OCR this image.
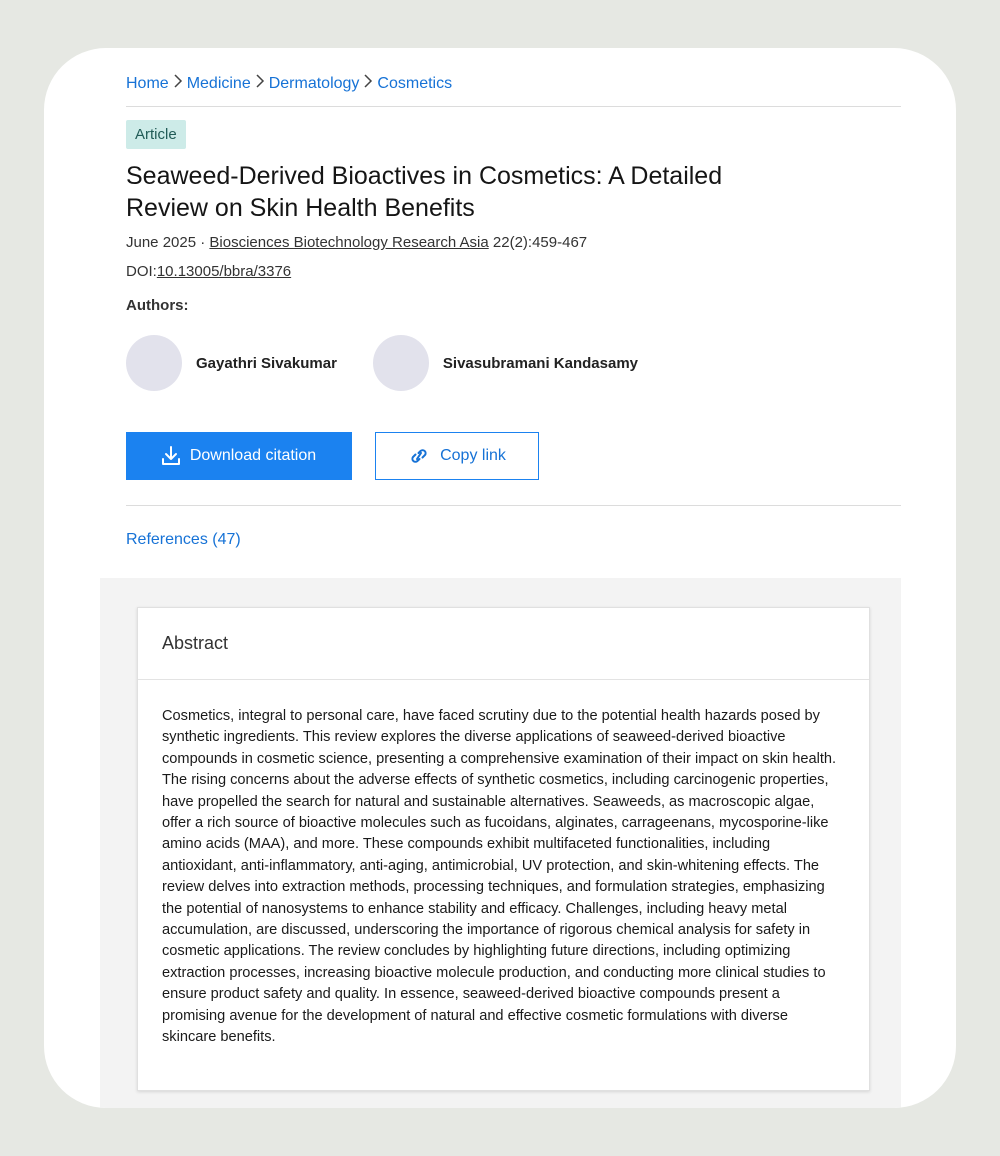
Home Medicine Dermatology Cosmetics
Article
Seaweed-Derived Bioactives in Cosmetics: A Detailed Review on Skin Health Benefits
June 2025 · Biosciences Biotechnology Research Asia 22(2):459-467
DOI:10.13005/bbra/3376
Authors:
Gayathri Sivakumar	Sivasubramani Kandasamy
Download citation	Copy link
References (47)
Abstract
Cosmetics, integral to personal care, have faced scrutiny due to the potential health hazards posed by synthetic ingredients. This review explores the diverse applications of seaweed-derived bioactive compounds in cosmetic science, presenting a comprehensive examination of their impact on skin health. The rising concerns about the adverse effects of synthetic cosmetics, including carcinogenic properties, have propelled the search for natural and sustainable alternatives. Seaweeds, as macroscopic algae, offer a rich source of bioactive molecules such as fucoidans, alginates, carrageenans, mycosporine-like amino acids (MAA), and more. These compounds exhibit multifaceted functionalities, including antioxidant, anti-inflammatory, anti-aging, antimicrobial, UV protection, and skin-whitening effects. The review delves into extraction methods, processing techniques, and formulation strategies, emphasizing the potential of nanosystems to enhance stability and efficacy. Challenges, including heavy metal accumulation, are discussed, underscoring the importance of rigorous chemical analysis for safety in cosmetic applications. The review concludes by highlighting future directions, including optimizing extraction processes, increasing bioactive molecule production, and conducting more clinical studies to ensure product safety and quality. In essence, seaweed-derived bioactive compounds present a promising avenue for the development of natural and effective cosmetic formulations with diverse skincare benefits.
